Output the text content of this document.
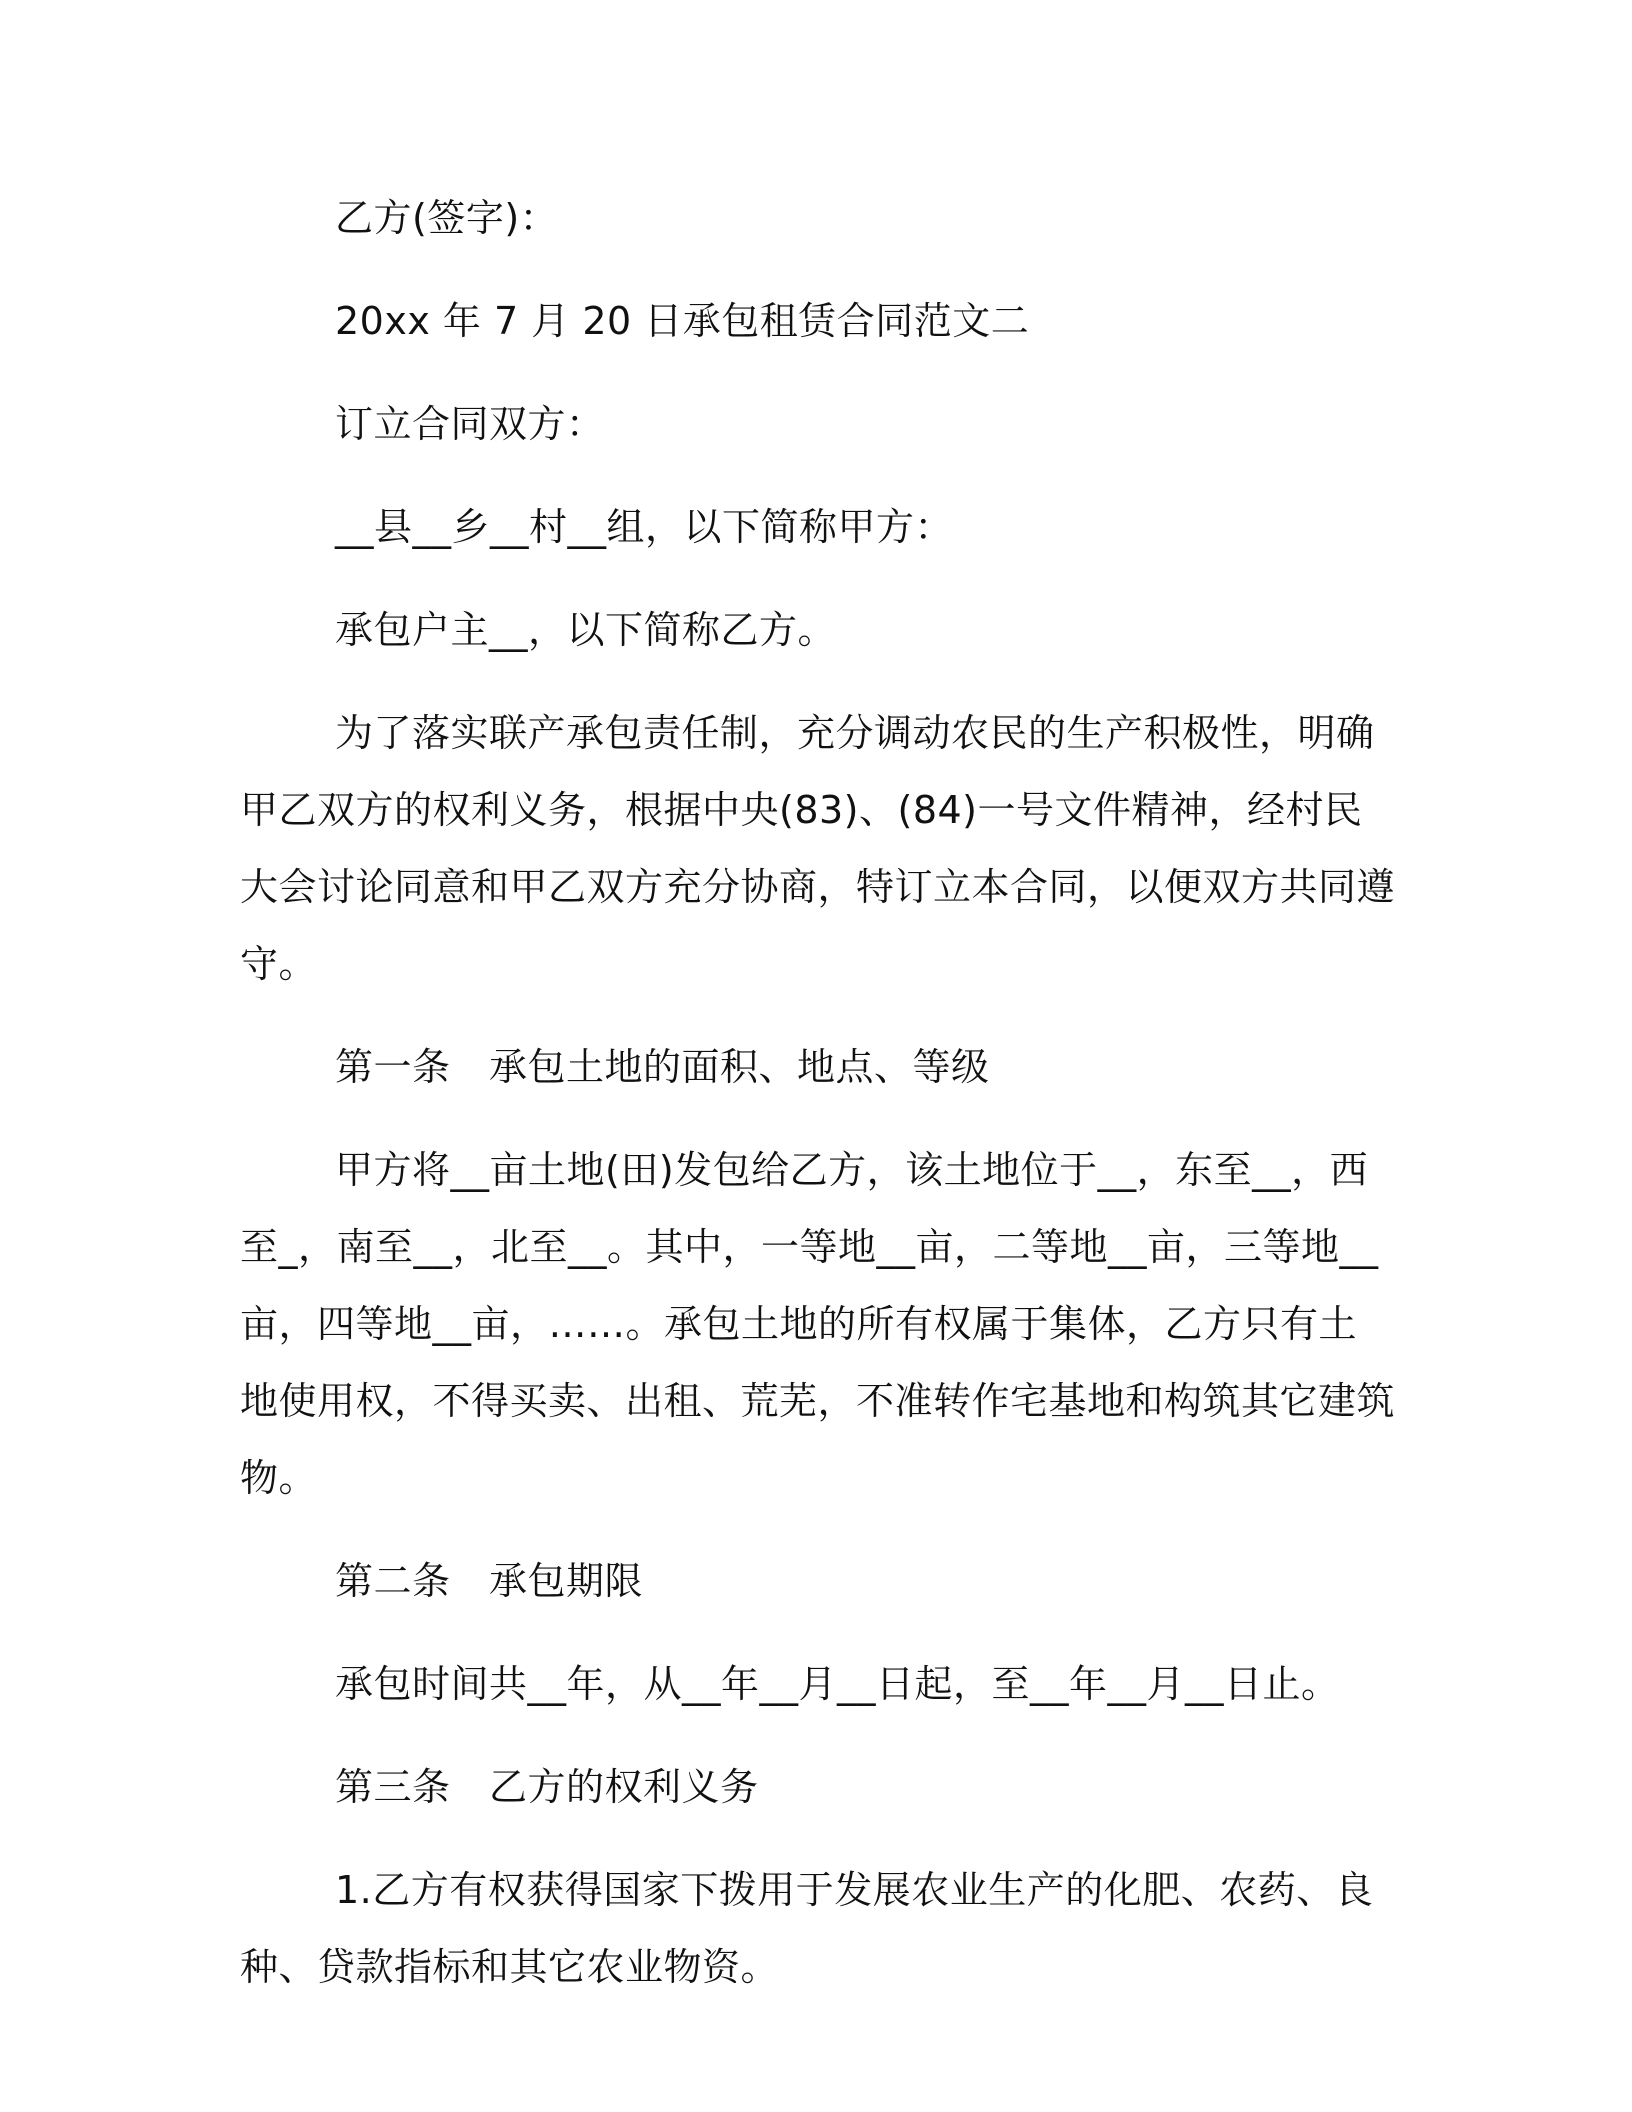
乙方(签字)：

20xx 年 7 月 20 日承包租赁合同范文二

订立合同双方：

__县__乡__村__组，以下简称甲方：

承包户主__，以下简称乙方。

为了落实联产承包责任制，充分调动农民的生产积极性，明确甲乙双方的权利义务，根据中央(83)、(84)一号文件精神，经村民大会讨论同意和甲乙双方充分协商，特订立本合同，以便双方共同遵守。

第一条　承包土地的面积、地点、等级

甲方将__亩土地(田)发包给乙方，该土地位于__，东至__，西至_，南至__，北至__。其中，一等地__亩，二等地__亩，三等地__亩，四等地__亩，……。承包土地的所有权属于集体，乙方只有土地使用权，不得买卖、出租、荒芜，不准转作宅基地和构筑其它建筑物。

第二条　承包期限

承包时间共__年，从__年__月__日起，至__年__月__日止。

第三条　乙方的权利义务

1.乙方有权获得国家下拨用于发展农业生产的化肥、农药、良种、贷款指标和其它农业物资。
